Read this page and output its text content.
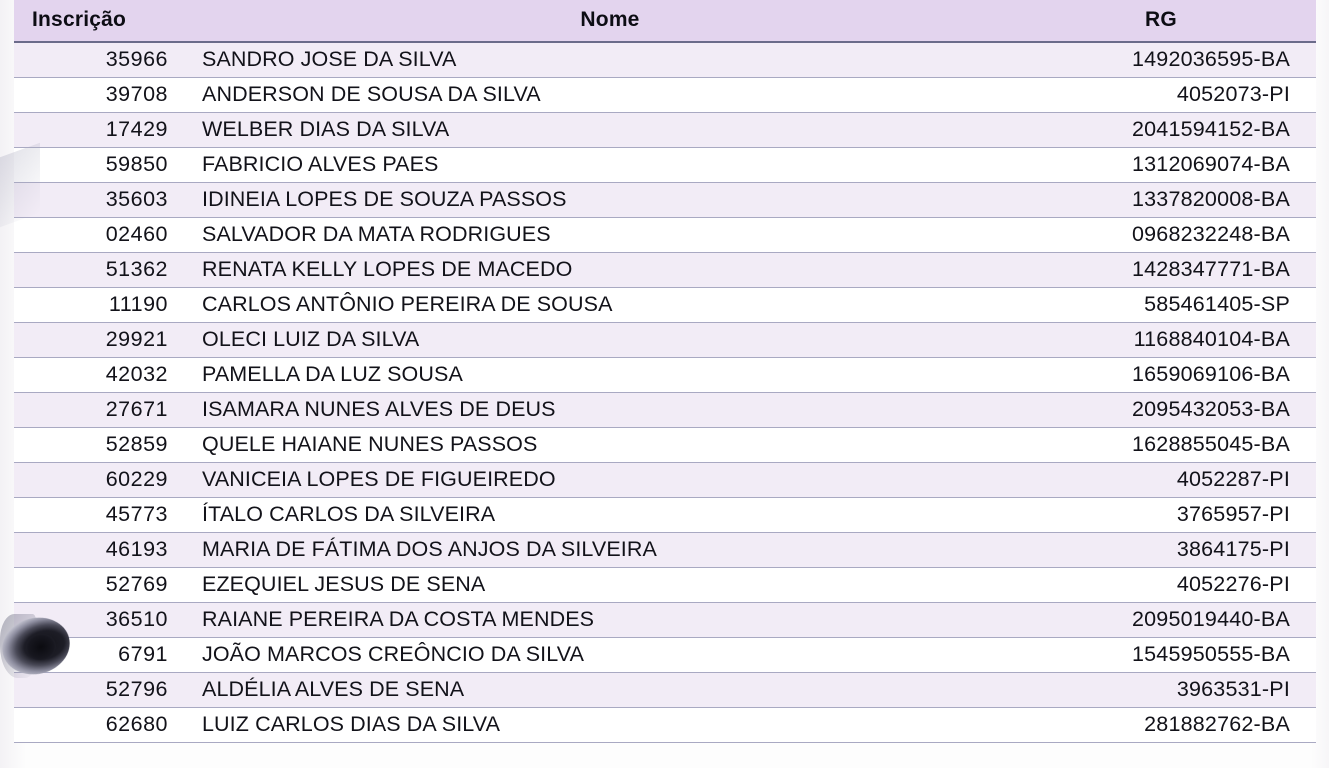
Inscrição	Nome	RG
35966	SANDRO JOSE DA SILVA	1492036595-BA
39708	ANDERSON DE SOUSA DA SILVA	4052073-PI
17429	WELBER DIAS DA SILVA	2041594152-BA
59850	FABRICIO ALVES PAES	1312069074-BA
35603	IDINEIA LOPES DE SOUZA PASSOS	1337820008-BA
02460	SALVADOR DA MATA RODRIGUES	0968232248-BA
51362	RENATA KELLY LOPES DE MACEDO	1428347771-BA
11190	CARLOS ANTÔNIO PEREIRA DE SOUSA	585461405-SP
29921	OLECI LUIZ DA SILVA	1168840104-BA
42032	PAMELLA DA LUZ SOUSA	1659069106-BA
27671	ISAMARA NUNES ALVES DE DEUS	2095432053-BA
52859	QUELE HAIANE NUNES PASSOS	1628855045-BA
60229	VANICEIA LOPES DE FIGUEIREDO	4052287-PI
45773	ÍTALO CARLOS DA SILVEIRA	3765957-PI
46193	MARIA DE FÁTIMA DOS ANJOS DA SILVEIRA	3864175-PI
52769	EZEQUIEL JESUS DE SENA	4052276-PI
36510	RAIANE PEREIRA DA COSTA MENDES	2095019440-BA
6791	JOÃO MARCOS CREÔNCIO DA SILVA	1545950555-BA
52796	ALDÉLIA ALVES DE SENA	3963531-PI
62680	LUIZ CARLOS DIAS DA SILVA	281882762-BA
